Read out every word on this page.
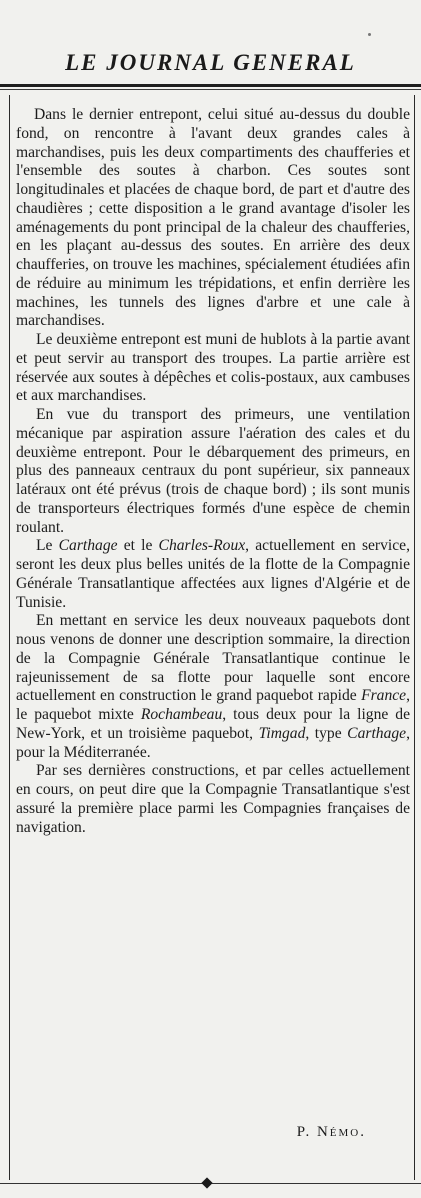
LE JOURNAL GENERAL

Dans le dernier entrepont, celui situé au-dessus du double fond, on rencontre à l'avant deux grandes cales à marchandises, puis les deux compartiments des chaufferies et l'ensemble des soutes à charbon. Ces soutes sont longitudinales et placées de chaque bord, de part et d'autre des chaudières ; cette disposition a le grand avantage d'isoler les aménagements du pont principal de la chaleur des chaufferies, en les plaçant au-dessus des soutes. En arrière des deux chaufferies, on trouve les machines, spécialement étudiées afin de réduire au minimum les trépidations, et enfin derrière les machines, les tunnels des lignes d'arbre et une cale à marchandises.

Le deuxième entrepont est muni de hublots à la partie avant et peut servir au transport des troupes. La partie arrière est réservée aux soutes à dépêches et colis-postaux, aux cambuses et aux marchandises.

En vue du transport des primeurs, une ventilation mécanique par aspiration assure l'aération des cales et du deuxième entrepont. Pour le débarquement des primeurs, en plus des panneaux centraux du pont supérieur, six panneaux latéraux ont été prévus (trois de chaque bord) ; ils sont munis de transporteurs électriques formés d'une espèce de chemin roulant.

Le Carthage et le Charles-Roux, actuellement en service, seront les deux plus belles unités de la flotte de la Compagnie Générale Transatlantique affectées aux lignes d'Algérie et de Tunisie.

En mettant en service les deux nouveaux paquebots dont nous venons de donner une description sommaire, la direction de la Compagnie Générale Transatlantique continue le rajeunissement de sa flotte pour laquelle sont encore actuellement en construction le grand paquebot rapide France, le paquebot mixte Rochambeau, tous deux pour la ligne de New-York, et un troisième paquebot, Timgad, type Carthage, pour la Méditerranée.

Par ses dernières constructions, et par celles actuellement en cours, on peut dire que la Compagnie Transatlantique s'est assuré la première place parmi les Compagnies françaises de navigation.

P. Némo.
